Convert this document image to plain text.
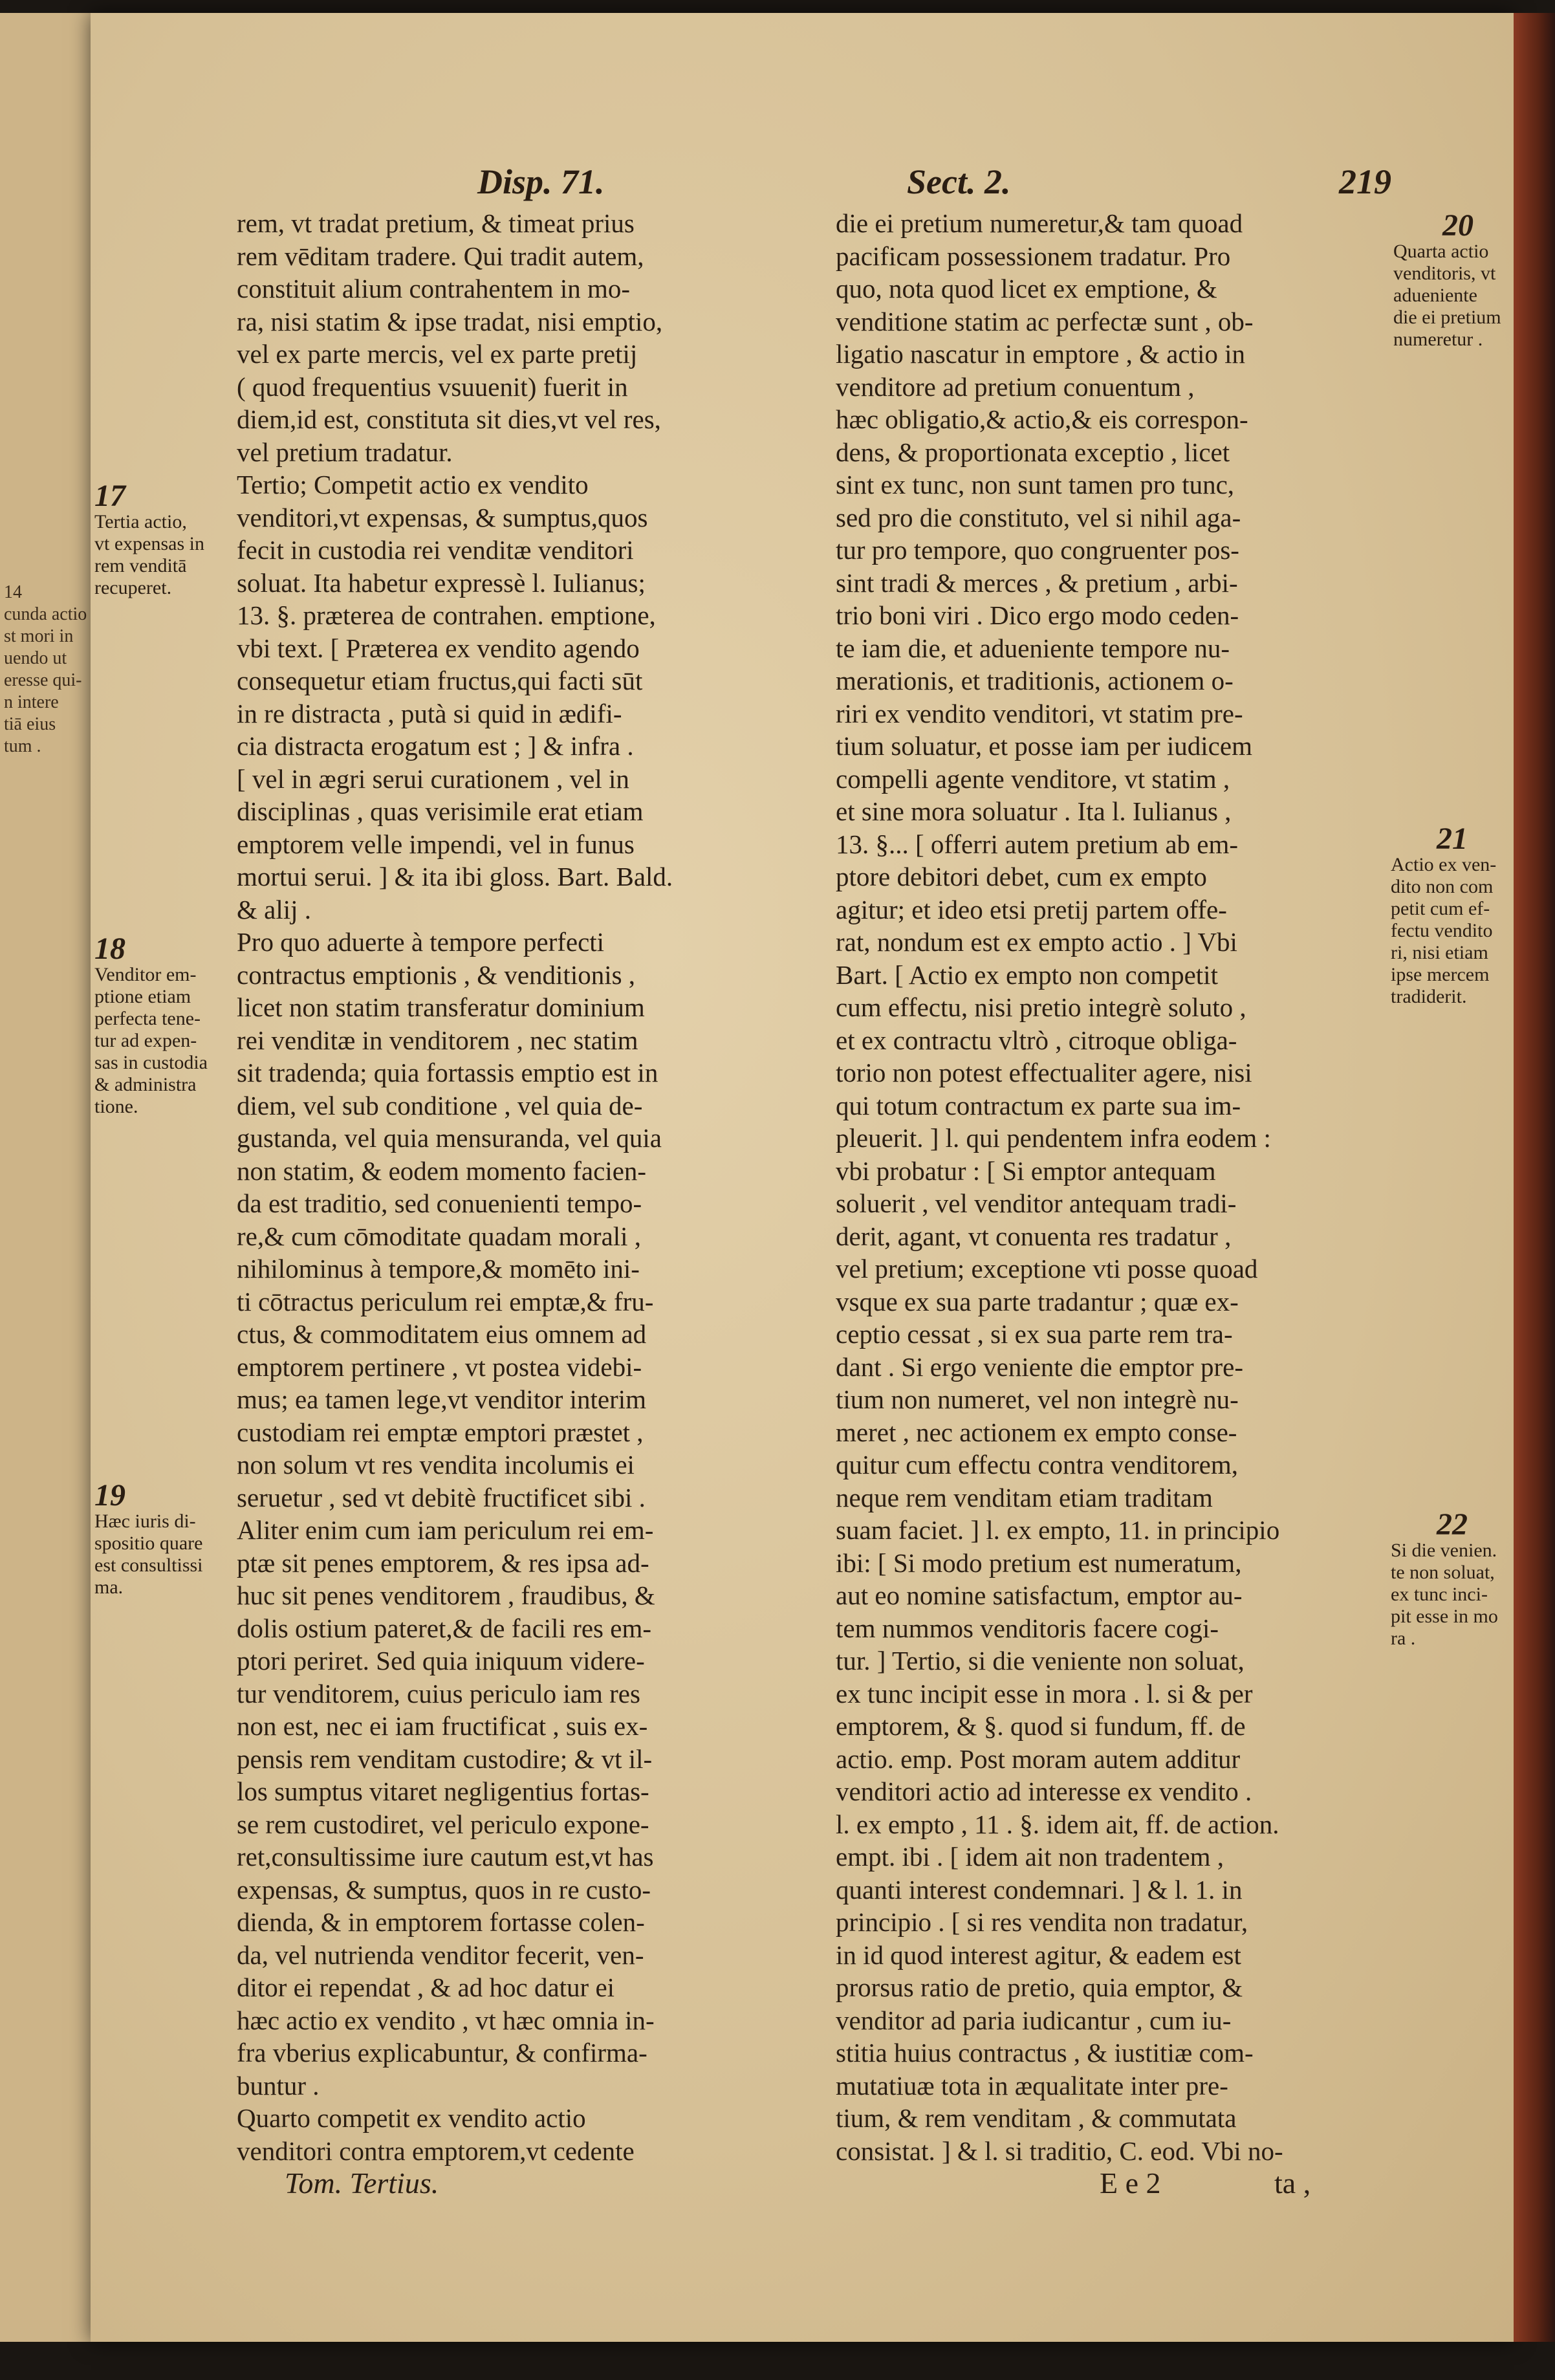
14
cunda actio
st mori in
uendo ut
eresse qui-
n intere
tiā eius
tum .
Disp. 71.	Sect. 2.	219

rem, vt tradat pretium, & timeat prius

rem vēditam tradere. Qui tradit autem,

constituit alium contrahentem in mo-

ra, nisi statim & ipse tradat, nisi emptio,

vel ex parte mercis, vel ex parte pretij

( quod frequentius vsuuenit) fuerit in

diem,id est, constituta sit dies,vt vel res,

vel pretium tradatur.

Tertio; Competit actio ex vendito

venditori,vt expensas, & sumptus,quos

fecit in custodia rei venditæ venditori

soluat. Ita habetur expressè l. Iulianus;

13. §. præterea de contrahen. emptione,

vbi text. [ Præterea ex vendito agendo

consequetur etiam fructus,qui facti sūt

in re distracta , putà si quid in ædifi-

cia distracta erogatum est ; ] & infra .

[ vel in ægri serui curationem , vel in

disciplinas , quas verisimile erat etiam

emptorem velle impendi, vel in funus

mortui serui. ] & ita ibi gloss. Bart. Bald.

& alij .

Pro quo aduerte à tempore perfecti

contractus emptionis , & venditionis ,

licet non statim transferatur dominium

rei venditæ in venditorem , nec statim

sit tradenda; quia fortassis emptio est in

diem, vel sub conditione , vel quia de-

gustanda, vel quia mensuranda, vel quia

non statim, & eodem momento facien-

da est traditio, sed conuenienti tempo-

re,& cum cōmoditate quadam morali ,

nihilominus à tempore,& momēto ini-

ti cōtractus periculum rei emptæ,& fru-

ctus, & commoditatem eius omnem ad

emptorem pertinere , vt postea videbi-

mus; ea tamen lege,vt venditor interim

custodiam rei emptæ emptori præstet ,

non solum vt res vendita incolumis ei

seruetur , sed vt debitè fructificet sibi .

Aliter enim cum iam periculum rei em-

ptæ sit penes emptorem, & res ipsa ad-

huc sit penes venditorem , fraudibus, &

dolis ostium pateret,& de facili res em-

ptori periret. Sed quia iniquum videre-

tur venditorem, cuius periculo iam res

non est, nec ei iam fructificat , suis ex-

pensis rem venditam custodire; & vt il-

los sumptus vitaret negligentius fortas-

se rem custodiret, vel periculo expone-

ret,consultissime iure cautum est,vt has

expensas, & sumptus, quos in re custo-

dienda, & in emptorem fortasse colen-

da, vel nutrienda venditor fecerit, ven-

ditor ei rependat , & ad hoc datur ei

hæc actio ex vendito , vt hæc omnia in-

fra vberius explicabuntur, & confirma-

buntur .

Quarto competit ex vendito actio

venditori contra emptorem,vt cedente

die ei pretium numeretur,& tam quoad

pacificam possessionem tradatur. Pro

quo, nota quod licet ex emptione, &

venditione statim ac perfectæ sunt , ob-

ligatio nascatur in emptore , & actio in

venditore ad pretium conuentum ,

hæc obligatio,& actio,& eis correspon-

dens, & proportionata exceptio , licet

sint ex tunc, non sunt tamen pro tunc,

sed pro die constituto, vel si nihil aga-

tur pro tempore, quo congruenter pos-

sint tradi & merces , & pretium , arbi-

trio boni viri . Dico ergo modo ceden-

te iam die, et adueniente tempore nu-

merationis, et traditionis, actionem o-

riri ex vendito venditori, vt statim pre-

tium soluatur, et posse iam per iudicem

compelli agente venditore, vt statim ,

et sine mora soluatur . Ita l. Iulianus ,

13. §... [ offerri autem pretium ab em-

ptore debitori debet, cum ex empto

agitur; et ideo etsi pretij partem offe-

rat, nondum est ex empto actio . ] Vbi

Bart. [ Actio ex empto non competit

cum effectu, nisi pretio integrè soluto ,

et ex contractu vltrò , citroque obliga-

torio non potest effectualiter agere, nisi

qui totum contractum ex parte sua im-

pleuerit. ] l. qui pendentem infra eodem :

vbi probatur : [ Si emptor antequam

soluerit , vel venditor antequam tradi-

derit, agant, vt conuenta res tradatur ,

vel pretium; exceptione vti posse quoad

vsque ex sua parte tradantur ; quæ ex-

ceptio cessat , si ex sua parte rem tra-

dant . Si ergo veniente die emptor pre-

tium non numeret, vel non integrè nu-

meret , nec actionem ex empto conse-

quitur cum effectu contra venditorem,

neque rem venditam etiam traditam

suam faciet. ] l. ex empto, 11. in principio

ibi: [ Si modo pretium est numeratum,

aut eo nomine satisfactum, emptor au-

tem nummos venditoris facere cogi-

tur. ] Tertio, si die veniente non soluat,

ex tunc incipit esse in mora . l. si & per

emptorem, & §. quod si fundum, ff. de

actio. emp. Post moram autem additur

venditori actio ad interesse ex vendito .

l. ex empto , 11 . §. idem ait, ff. de action.

empt. ibi . [ idem ait non tradentem ,

quanti interest condemnari. ] & l. 1. in

principio . [ si res vendita non tradatur,

in id quod interest agitur, & eadem est

prorsus ratio de pretio, quia emptor, &

venditor ad paria iudicantur , cum iu-

stitia huius contractus , & iustitiæ com-

mutatiuæ tota in æqualitate inter pre-

tium, & rem venditam , & commutata

consistat. ] & l. si traditio, C. eod. Vbi no-

17
Tertia actio,
vt expensas in
rem venditā
recuperet.
18
Venditor em-
ptione etiam
perfecta tene-
tur ad expen-
sas in custodia
& administra
tione.
19
Hæc iuris di-
spositio quare
est consultissi
ma.
20
Quarta actio
venditoris, vt
adueniente
die ei pretium
numeretur .
21
Actio ex ven-
dito non com
petit cum ef-
fectu vendito
ri, nisi etiam
ipse mercem
tradiderit.
22
Si die venien.
te non soluat,
ex tunc inci-
pit esse in mo
ra .
Tom. Tertius.	E e 2	ta ,
